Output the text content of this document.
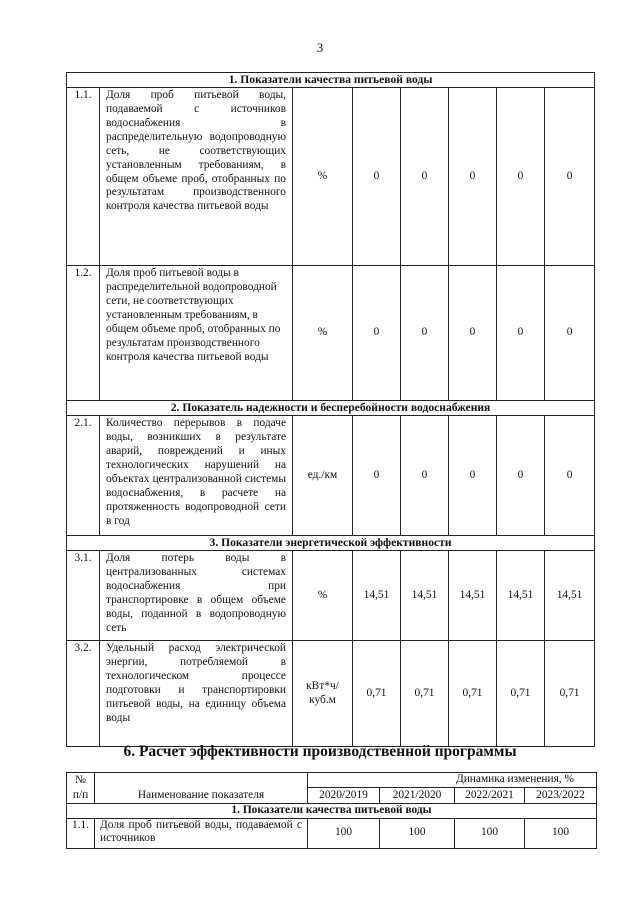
3
1. Показатели качества питьевой воды							
1.1.	Доля проб питьевой воды, подаваемой с источников водоснабжения в распределительную водопроводную сеть, не соответствующих установленным требованиям, в общем объеме проб, отобранных по результатам производственного контроля качества питьевой воды	%	0	0	0	0	0
1.2.	Доля проб питьевой воды в распределительной водопроводной сети, не соответствующих установленным требованиям, в общем объеме проб, отобранных по результатам производственного контроля качества питьевой воды	%	0	0	0	0	0
2. Показатель надежности и бесперебойности водоснабжения							
2.1.	Количество перерывов в подаче воды, возникших в результате аварий, повреждений и иных технологических нарушений на объектах централизованной системы водоснабжения, в расчете на протяженность водопроводной сети в год	ед./км	0	0	0	0	0
3. Показатели энергетической эффективности							
3.1.	Доля потерь воды в централизованных системах водоснабжения при транспортировке в общем объеме воды, поданной в водопроводную сеть	%	14,51	14,51	14,51	14,51	14,51
3.2.	Удельный расход электрической энергии, потребляемой в технологическом процессе подготовки и транспортировки питьевой воды, на единицу объема воды	кВт*ч/
куб.м	0,71	0,71	0,71	0,71	0,71
6. Расчет эффективности производственной программы
№
п/п	Наименование показателя	Динамика изменения, %			
		2020/2019	2021/2020	2022/2021	2023/2022
1. Показатели качества питьевой воды					
1.1.	Доля проб питьевой воды, подаваемой с источников	100	100	100	100
